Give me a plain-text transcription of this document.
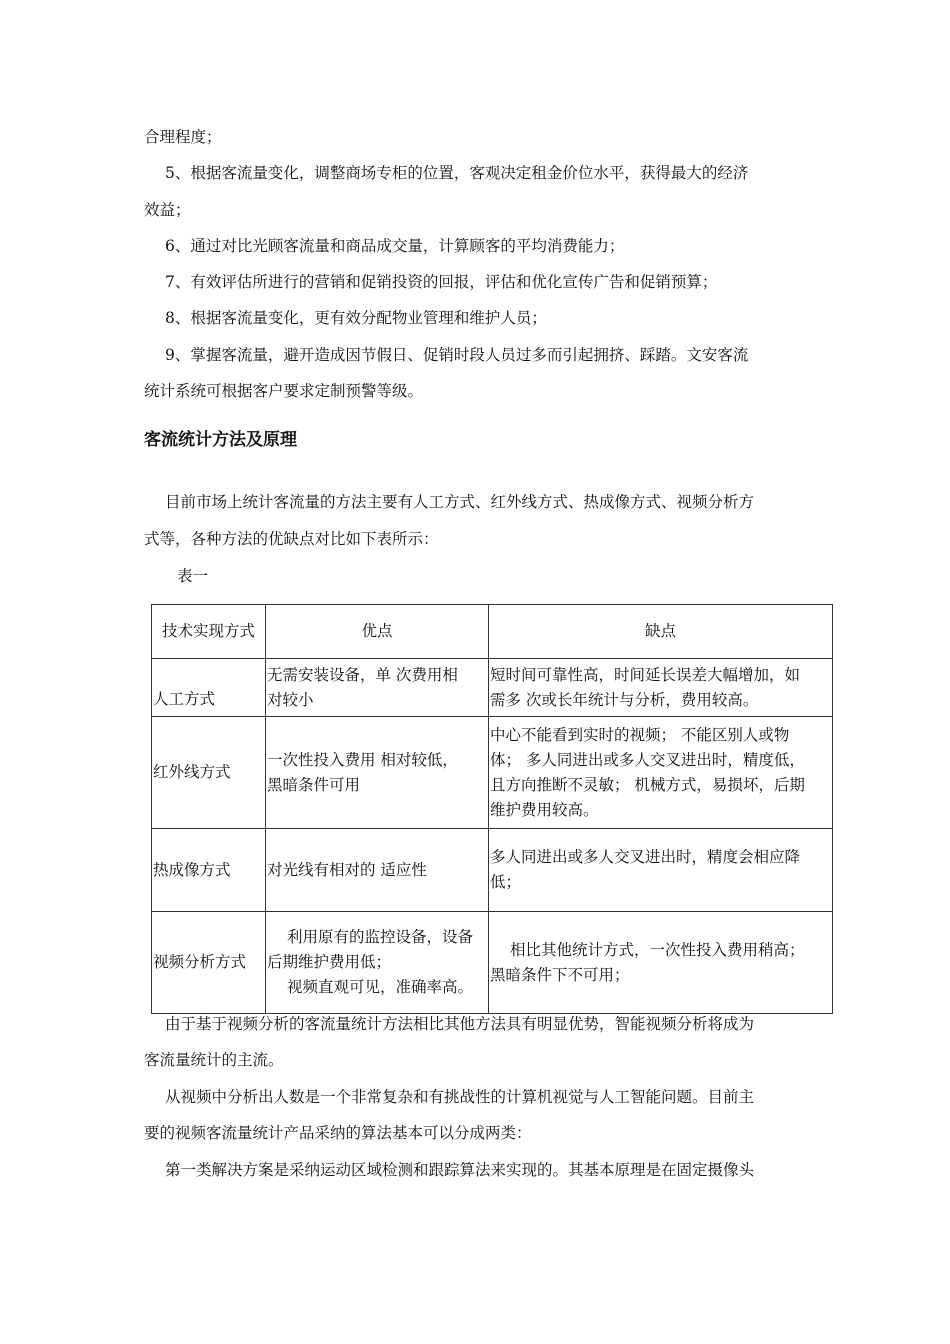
合理程度；
5、根据客流量变化，调整商场专柜的位置，客观决定租金价位水平，获得最大的经济
效益；
6、通过对比光顾客流量和商品成交量，计算顾客的平均消费能力；
7、有效评估所进行的营销和促销投资的回报，评估和优化宣传广告和促销预算；
8、根据客流量变化，更有效分配物业管理和维护人员；
9、掌握客流量，避开造成因节假日、促销时段人员过多而引起拥挤、踩踏。文安客流
统计系统可根据客户要求定制预警等级。
客流统计方法及原理
目前市场上统计客流量的方法主要有人工方式、红外线方式、热成像方式、视频分析方
式等，各种方法的优缺点对比如下表所示：
表一
技术实现方式	优点	缺点
人工方式	无需安装设备，单 次费用相
对较小	短时间可靠性高，时间延长误差大幅增加，如
需多 次或长年统计与分析，费用较高。

红外线方式	一次性投入费用 相对较低，
黑暗条件可用	中心不能看到实时的视频； 不能区别人或物
体； 多人同进出或多人交叉进出时，精度低，
且方向推断不灵敏； 机械方式，易损坏，后期
维护费用较高。

热成像方式	对光线有相对的 适应性	多人同进出或多人交叉进出时，精度会相应降
低；

视频分析方式	利用原有的监控设备，设备
后期维护费用低；
视频直观可见，准确率高。	相比其他统计方式，一次性投入费用稍高；
黑暗条件下不可用；
由于基于视频分析的客流量统计方法相比其他方法具有明显优势，智能视频分析将成为
客流量统计的主流。
从视频中分析出人数是一个非常复杂和有挑战性的计算机视觉与人工智能问题。目前主
要的视频客流量统计产品采纳的算法基本可以分成两类：
第一类解决方案是采纳运动区域检测和跟踪算法来实现的。其基本原理是在固定摄像头
